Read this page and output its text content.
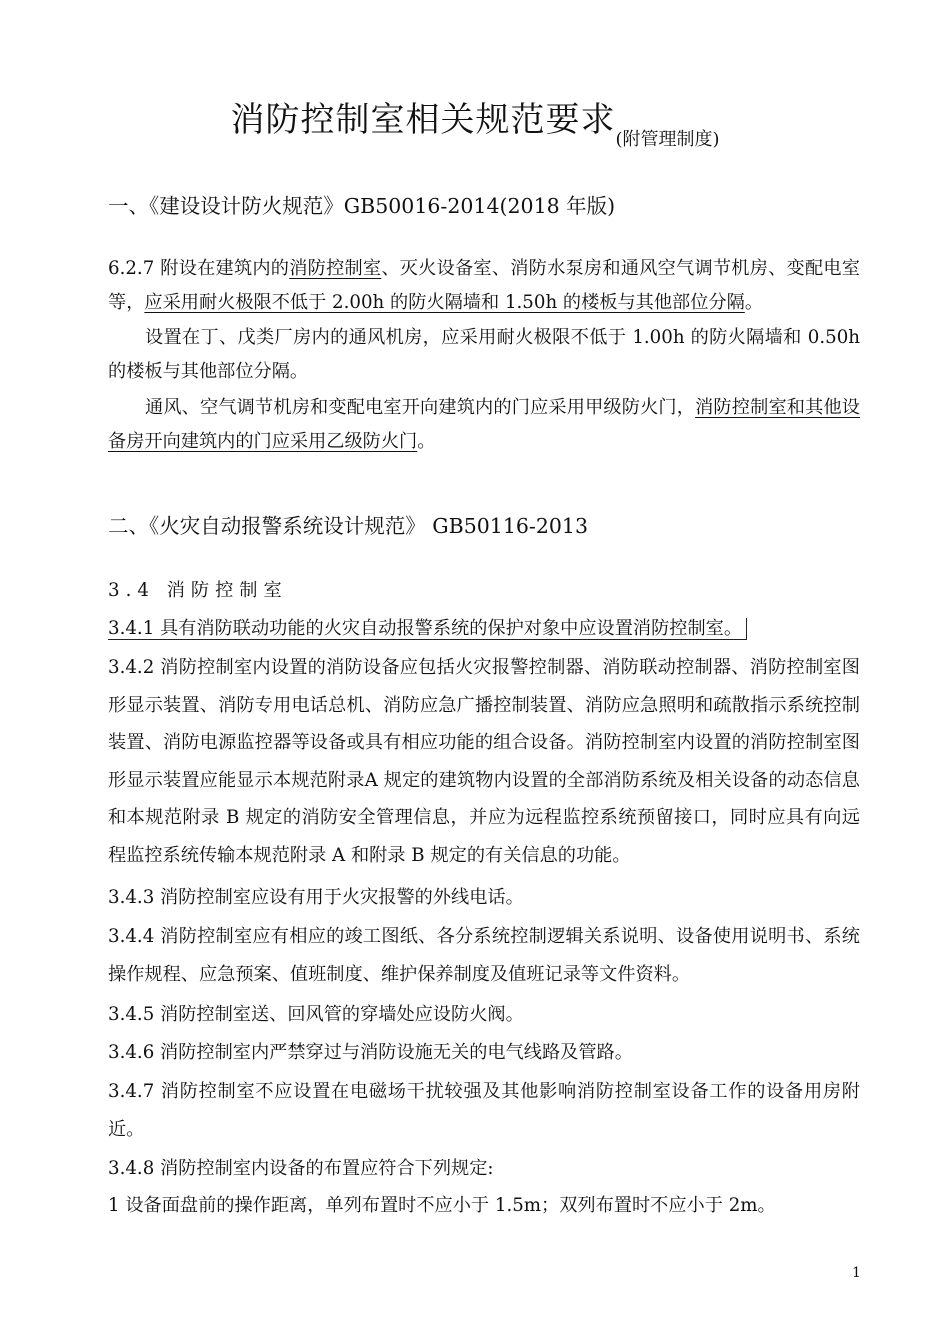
消防控制室相关规范要求$_{(附管理制度)}$
一、《建设设计防火规范》GB50016-2014(2018 年版)

6.2.7 附设在建筑内的消防控制室、灭火设备室、消防水泵房和通风空气调节机房、变配电室等，应采用耐火极限不低于 2.00h 的防火隔墙和 1.50h 的楼板与其他部位分隔。

设置在丁、戊类厂房内的通风机房，应采用耐火极限不低于 1.00h 的防火隔墙和 0.50h 的楼板与其他部位分隔。

通风、空气调节机房和变配电室开向建筑内的门应采用甲级防火门，消防控制室和其他设备房开向建筑内的门应采用乙级防火门。

二、《火灾自动报警系统设计规范》 GB50116-2013
3.4 消防控制室
3.4.1 具有消防联动功能的火灾自动报警系统的保护对象中应设置消防控制室。

3.4.2 消防控制室内设置的消防设备应包括火灾报警控制器、消防联动控制器、消防控制室图形显示装置、消防专用电话总机、消防应急广播控制装置、消防应急照明和疏散指示系统控制装置、消防电源监控器等设备或具有相应功能的组合设备。消防控制室内设置的消防控制室图形显示装置应能显示本规范附录A 规定的建筑物内设置的全部消防系统及相关设备的动态信息和本规范附录 B 规定的消防安全管理信息，并应为远程监控系统预留接口，同时应具有向远程监控系统传输本规范附录 A 和附录 B 规定的有关信息的功能。

3.4.3 消防控制室应设有用于火灾报警的外线电话。

3.4.4 消防控制室应有相应的竣工图纸、各分系统控制逻辑关系说明、设备使用说明书、系统操作规程、应急预案、值班制度、维护保养制度及值班记录等文件资料。

3.4.5 消防控制室送、回风管的穿墙处应设防火阀。
3.4.6 消防控制室内严禁穿过与消防设施无关的电气线路及管路。

3.4.7 消防控制室不应设置在电磁场干扰较强及其他影响消防控制室设备工作的设备用房附近。

3.4.8 消防控制室内设备的布置应符合下列规定:
1 设备面盘前的操作距离，单列布置时不应小于 1.5m；双列布置时不应小于 2m。
1
